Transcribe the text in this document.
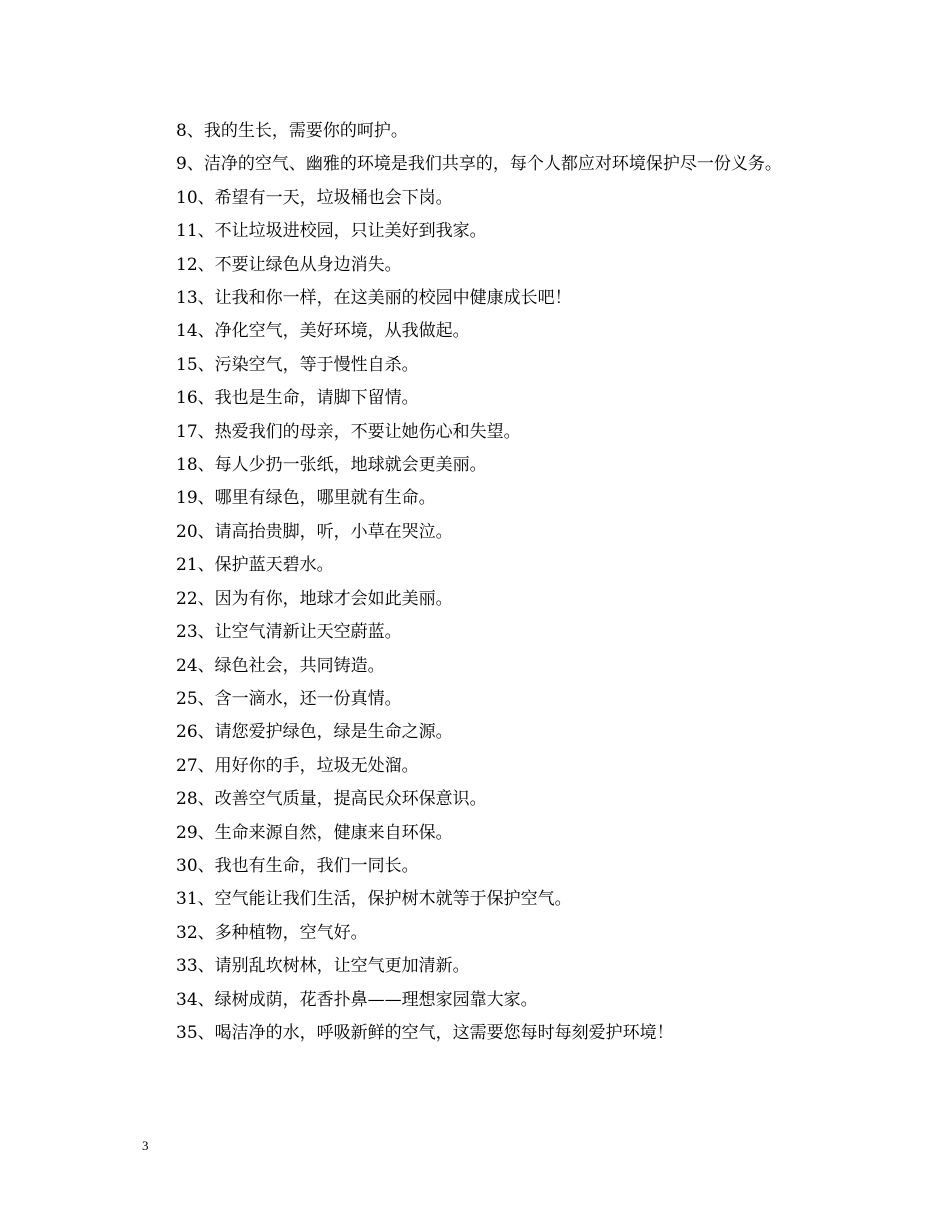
8、我的生长，需要你的呵护。

9、洁净的空气、幽雅的环境是我们共享的，每个人都应对环境保护尽一份义务。

10、希望有一天，垃圾桶也会下岗。

11、不让垃圾进校园，只让美好到我家。

12、不要让绿色从身边消失。

13、让我和你一样，在这美丽的校园中健康成长吧！

14、净化空气，美好环境，从我做起。

15、污染空气，等于慢性自杀。

16、我也是生命，请脚下留情。

17、热爱我们的母亲，不要让她伤心和失望。

18、每人少扔一张纸，地球就会更美丽。

19、哪里有绿色，哪里就有生命。

20、请高抬贵脚，听，小草在哭泣。

21、保护蓝天碧水。

22、因为有你，地球才会如此美丽。

23、让空气清新让天空蔚蓝。

24、绿色社会，共同铸造。

25、含一滴水，还一份真情。

26、请您爱护绿色，绿是生命之源。

27、用好你的手，垃圾无处溜。

28、改善空气质量，提高民众环保意识。

29、生命来源自然，健康来自环保。

30、我也有生命，我们一同长。

31、空气能让我们生活，保护树木就等于保护空气。

32、多种植物，空气好。

33、请别乱坎树林，让空气更加清新。

34、绿树成荫，花香扑鼻——理想家园靠大家。

35、喝洁净的水，呼吸新鲜的空气，这需要您每时每刻爱护环境！

3
